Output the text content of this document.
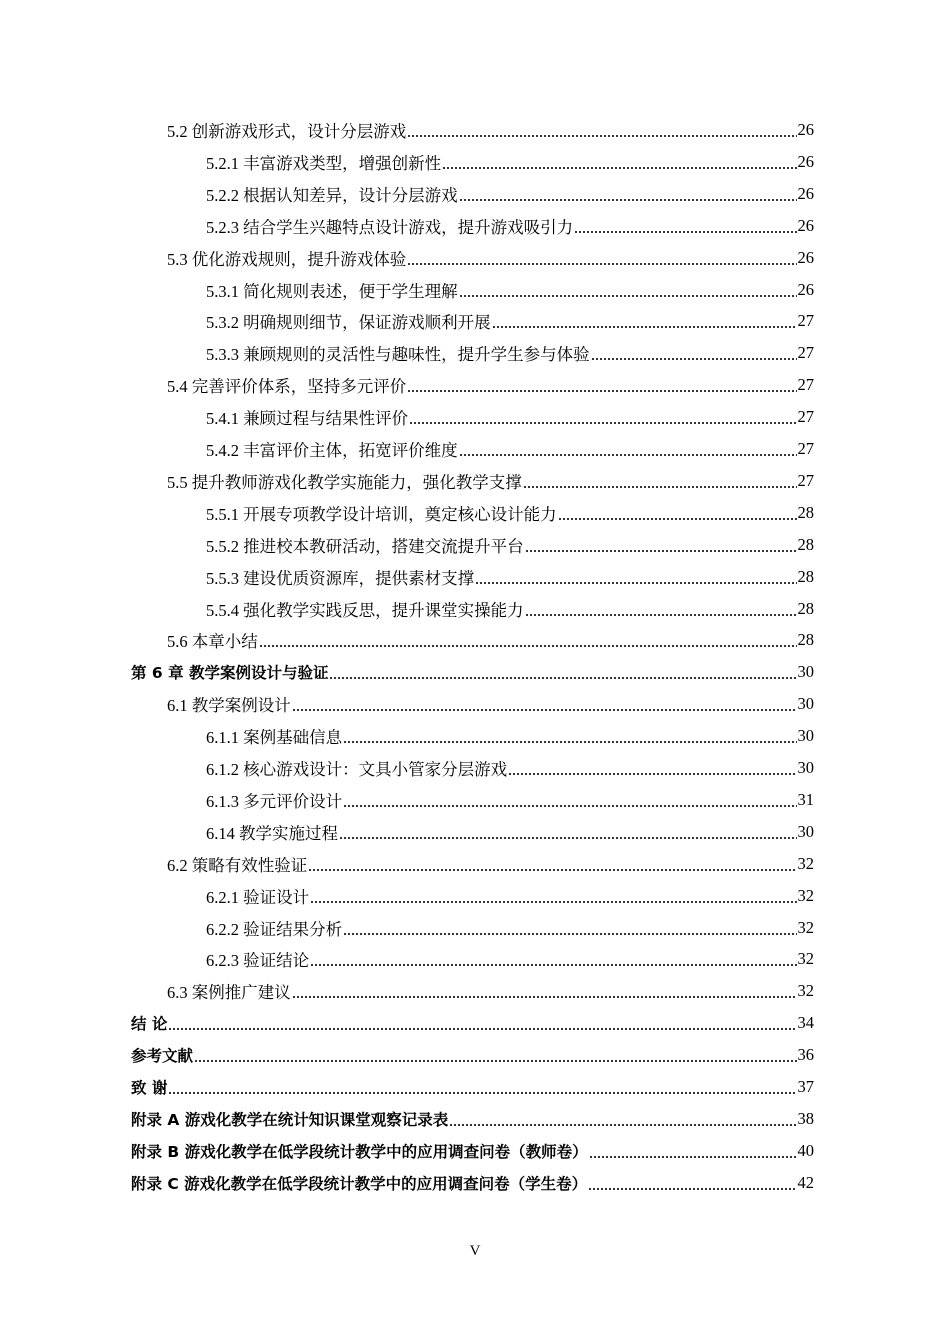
5.2 创新游戏形式，设计分层游戏	26
5.2.1 丰富游戏类型，增强创新性	26
5.2.2 根据认知差异，设计分层游戏	26
5.2.3 结合学生兴趣特点设计游戏，提升游戏吸引力	26
5.3 优化游戏规则，提升游戏体验	26
5.3.1 简化规则表述，便于学生理解	26
5.3.2 明确规则细节，保证游戏顺利开展	27
5.3.3 兼顾规则的灵活性与趣味性，提升学生参与体验	27
5.4 完善评价体系，坚持多元评价	27
5.4.1 兼顾过程与结果性评价	27
5.4.2 丰富评价主体，拓宽评价维度	27
5.5 提升教师游戏化教学实施能力，强化教学支撑	27
5.5.1 开展专项教学设计培训，奠定核心设计能力	28
5.5.2 推进校本教研活动，搭建交流提升平台	28
5.5.3 建设优质资源库，提供素材支撑	28
5.5.4 强化教学实践反思，提升课堂实操能力	28
5.6 本章小结	28
第 6 章 教学案例设计与验证	30
6.1 教学案例设计	30
6.1.1 案例基础信息	30
6.1.2 核心游戏设计：文具小管家分层游戏	30
6.1.3 多元评价设计	31
6.14 教学实施过程	30
6.2 策略有效性验证	32
6.2.1 验证设计	32
6.2.2 验证结果分析	32
6.2.3 验证结论	32
6.3 案例推广建议	32
结 论	34
参考文献	36
致 谢	37
附录 A 游戏化教学在统计知识课堂观察记录表	38
附录 B 游戏化教学在低学段统计教学中的应用调查问卷（教师卷）	40
附录 C 游戏化教学在低学段统计教学中的应用调查问卷（学生卷）	42
V
